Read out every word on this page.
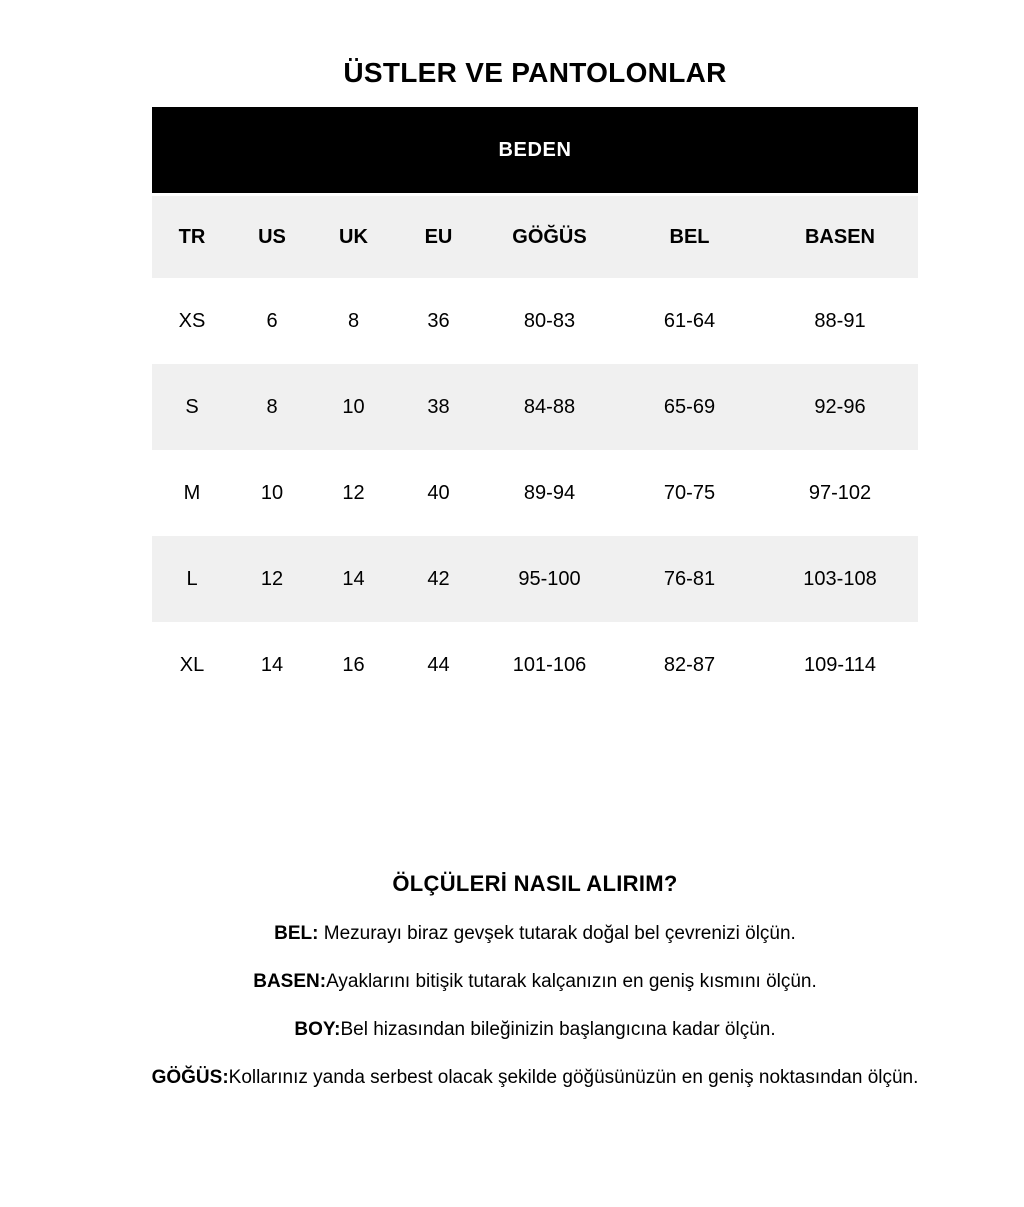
ÜSTLER VE PANTOLONLAR
BEDEN
TR	US	UK	EU	GÖĞÜS	BEL	BASEN
XS	6	8	36	80-83	61-64	88-91
S	8	10	38	84-88	65-69	92-96
M	10	12	40	89-94	70-75	97-102
L	12	14	42	95-100	76-81	103-108
XL	14	16	44	101-106	82-87	109-114
ÖLÇÜLERİ NASIL ALIRIM?

BEL: Mezurayı biraz gevşek tutarak doğal bel çevrenizi ölçün.

BASEN:Ayaklarını bitişik tutarak kalçanızın en geniş kısmını ölçün.

BOY:Bel hizasından bileğinizin başlangıcına kadar ölçün.

GÖĞÜS:Kollarınız yanda serbest olacak şekilde göğüsünüzün en geniş noktasından ölçün.
